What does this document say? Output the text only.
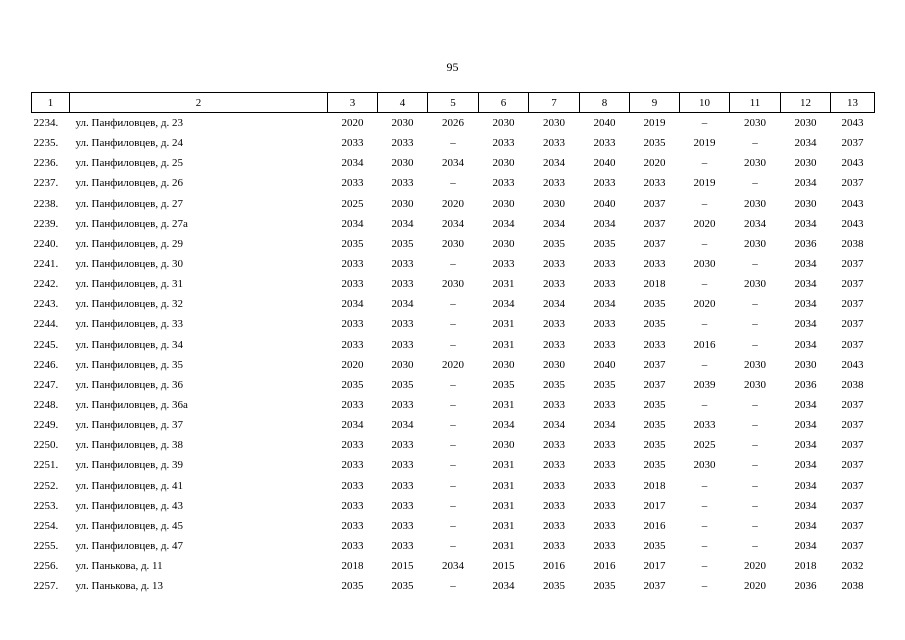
95
1	2	3	4	5	6	7	8	9	10	11	12	13
2234.	ул. Панфиловцев, д. 23	2020	2030	2026	2030	2030	2040	2019	–	2030	2030	2043
2235.	ул. Панфиловцев, д. 24	2033	2033	–	2033	2033	2033	2035	2019	–	2034	2037
2236.	ул. Панфиловцев, д. 25	2034	2030	2034	2030	2034	2040	2020	–	2030	2030	2043
2237.	ул. Панфиловцев, д. 26	2033	2033	–	2033	2033	2033	2033	2019	–	2034	2037
2238.	ул. Панфиловцев, д. 27	2025	2030	2020	2030	2030	2040	2037	–	2030	2030	2043
2239.	ул. Панфиловцев, д. 27а	2034	2034	2034	2034	2034	2034	2037	2020	2034	2034	2043
2240.	ул. Панфиловцев, д. 29	2035	2035	2030	2030	2035	2035	2037	–	2030	2036	2038
2241.	ул. Панфиловцев, д. 30	2033	2033	–	2033	2033	2033	2033	2030	–	2034	2037
2242.	ул. Панфиловцев, д. 31	2033	2033	2030	2031	2033	2033	2018	–	2030	2034	2037
2243.	ул. Панфиловцев, д. 32	2034	2034	–	2034	2034	2034	2035	2020	–	2034	2037
2244.	ул. Панфиловцев, д. 33	2033	2033	–	2031	2033	2033	2035	–	–	2034	2037
2245.	ул. Панфиловцев, д. 34	2033	2033	–	2031	2033	2033	2033	2016	–	2034	2037
2246.	ул. Панфиловцев, д. 35	2020	2030	2020	2030	2030	2040	2037	–	2030	2030	2043
2247.	ул. Панфиловцев, д. 36	2035	2035	–	2035	2035	2035	2037	2039	2030	2036	2038
2248.	ул. Панфиловцев, д. 36а	2033	2033	–	2031	2033	2033	2035	–	–	2034	2037
2249.	ул. Панфиловцев, д. 37	2034	2034	–	2034	2034	2034	2035	2033	–	2034	2037
2250.	ул. Панфиловцев, д. 38	2033	2033	–	2030	2033	2033	2035	2025	–	2034	2037
2251.	ул. Панфиловцев, д. 39	2033	2033	–	2031	2033	2033	2035	2030	–	2034	2037
2252.	ул. Панфиловцев, д. 41	2033	2033	–	2031	2033	2033	2018	–	–	2034	2037
2253.	ул. Панфиловцев, д. 43	2033	2033	–	2031	2033	2033	2017	–	–	2034	2037
2254.	ул. Панфиловцев, д. 45	2033	2033	–	2031	2033	2033	2016	–	–	2034	2037
2255.	ул. Панфиловцев, д. 47	2033	2033	–	2031	2033	2033	2035	–	–	2034	2037
2256.	ул. Панькова, д. 11	2018	2015	2034	2015	2016	2016	2017	–	2020	2018	2032
2257.	ул. Панькова, д. 13	2035	2035	–	2034	2035	2035	2037	–	2020	2036	2038
